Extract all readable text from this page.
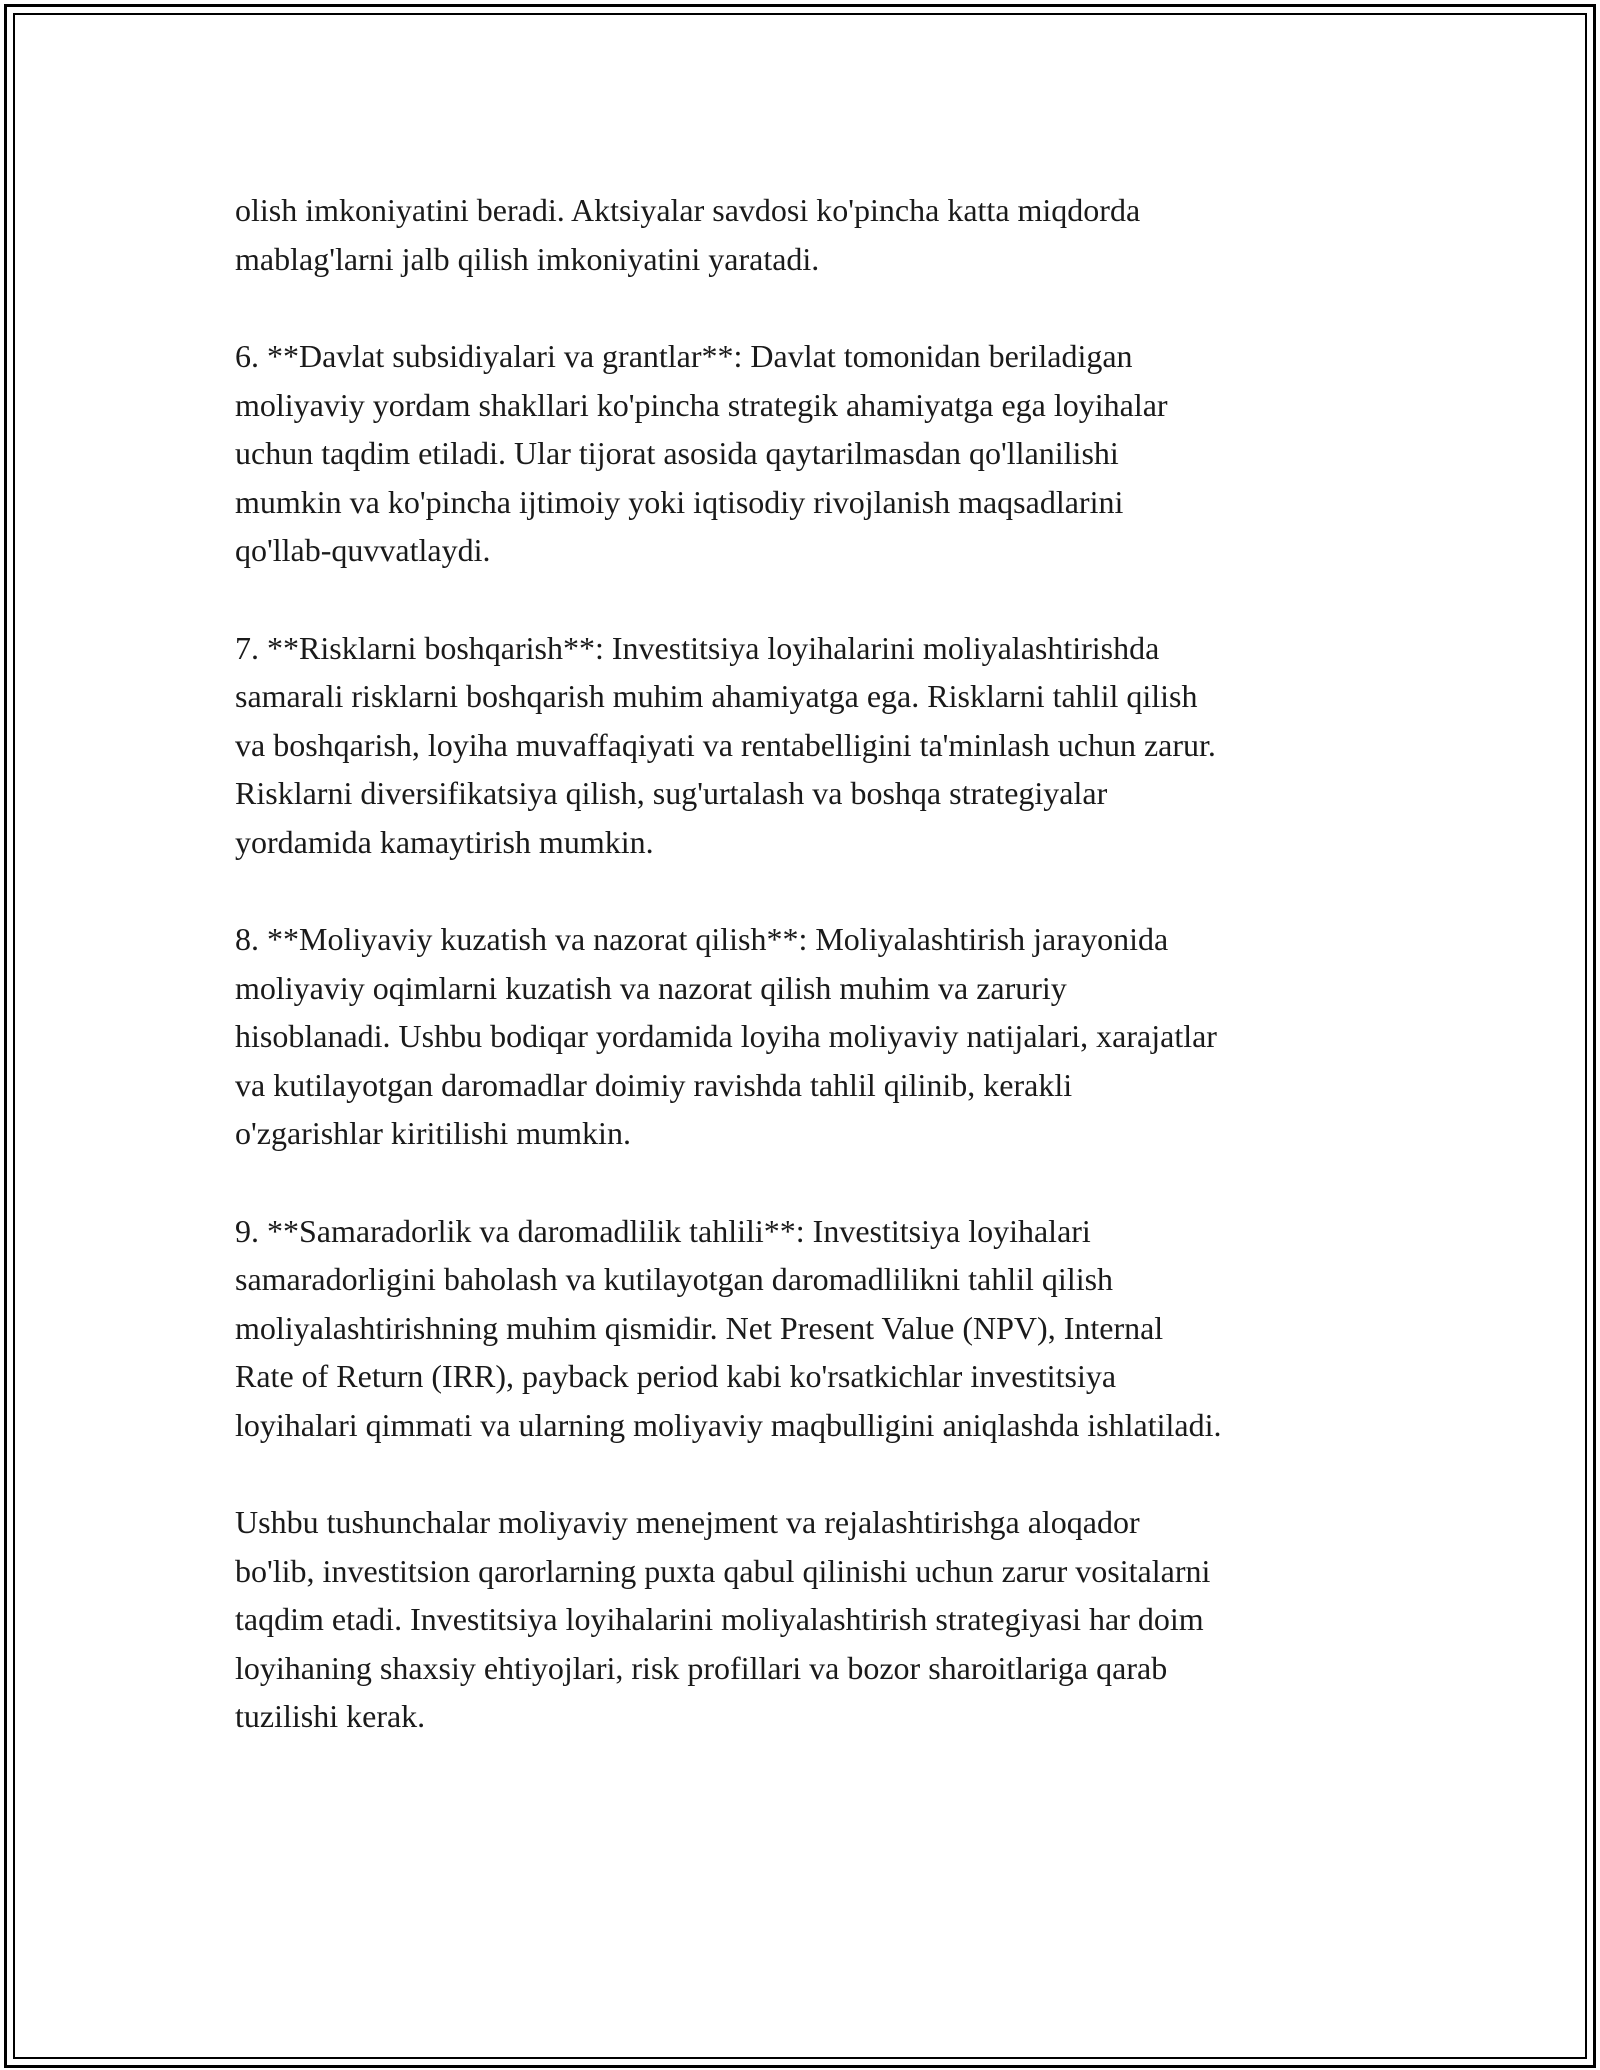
olish imkoniyatini beradi. Aktsiyalar savdosi ko'pincha katta miqdorda
mablag'larni jalb qilish imkoniyatini yaratadi.

6. **Davlat subsidiyalari va grantlar**: Davlat tomonidan beriladigan
moliyaviy yordam shakllari ko'pincha strategik ahamiyatga ega loyihalar
uchun taqdim etiladi. Ular tijorat asosida qaytarilmasdan qo'llanilishi
mumkin va ko'pincha ijtimoiy yoki iqtisodiy rivojlanish maqsadlarini
qo'llab-quvvatlaydi.

7. **Risklarni boshqarish**: Investitsiya loyihalarini moliyalashtirishda
samarali risklarni boshqarish muhim ahamiyatga ega. Risklarni tahlil qilish
va boshqarish, loyiha muvaffaqiyati va rentabelligini ta'minlash uchun zarur.
Risklarni diversifikatsiya qilish, sug'urtalash va boshqa strategiyalar
yordamida kamaytirish mumkin.

8. **Moliyaviy kuzatish va nazorat qilish**: Moliyalashtirish jarayonida
moliyaviy oqimlarni kuzatish va nazorat qilish muhim va zaruriy
hisoblanadi. Ushbu bodiqar yordamida loyiha moliyaviy natijalari, xarajatlar
va kutilayotgan daromadlar doimiy ravishda tahlil qilinib, kerakli
o'zgarishlar kiritilishi mumkin.

9. **Samaradorlik va daromadlilik tahlili**: Investitsiya loyihalari
samaradorligini baholash va kutilayotgan daromadlilikni tahlil qilish
moliyalashtirishning muhim qismidir. Net Present Value (NPV), Internal
Rate of Return (IRR), payback period kabi ko'rsatkichlar investitsiya
loyihalari qimmati va ularning moliyaviy maqbulligini aniqlashda ishlatiladi.

Ushbu tushunchalar moliyaviy menejment va rejalashtirishga aloqador
bo'lib, investitsion qarorlarning puxta qabul qilinishi uchun zarur vositalarni
taqdim etadi. Investitsiya loyihalarini moliyalashtirish strategiyasi har doim
loyihaning shaxsiy ehtiyojlari, risk profillari va bozor sharoitlariga qarab
tuzilishi kerak.
